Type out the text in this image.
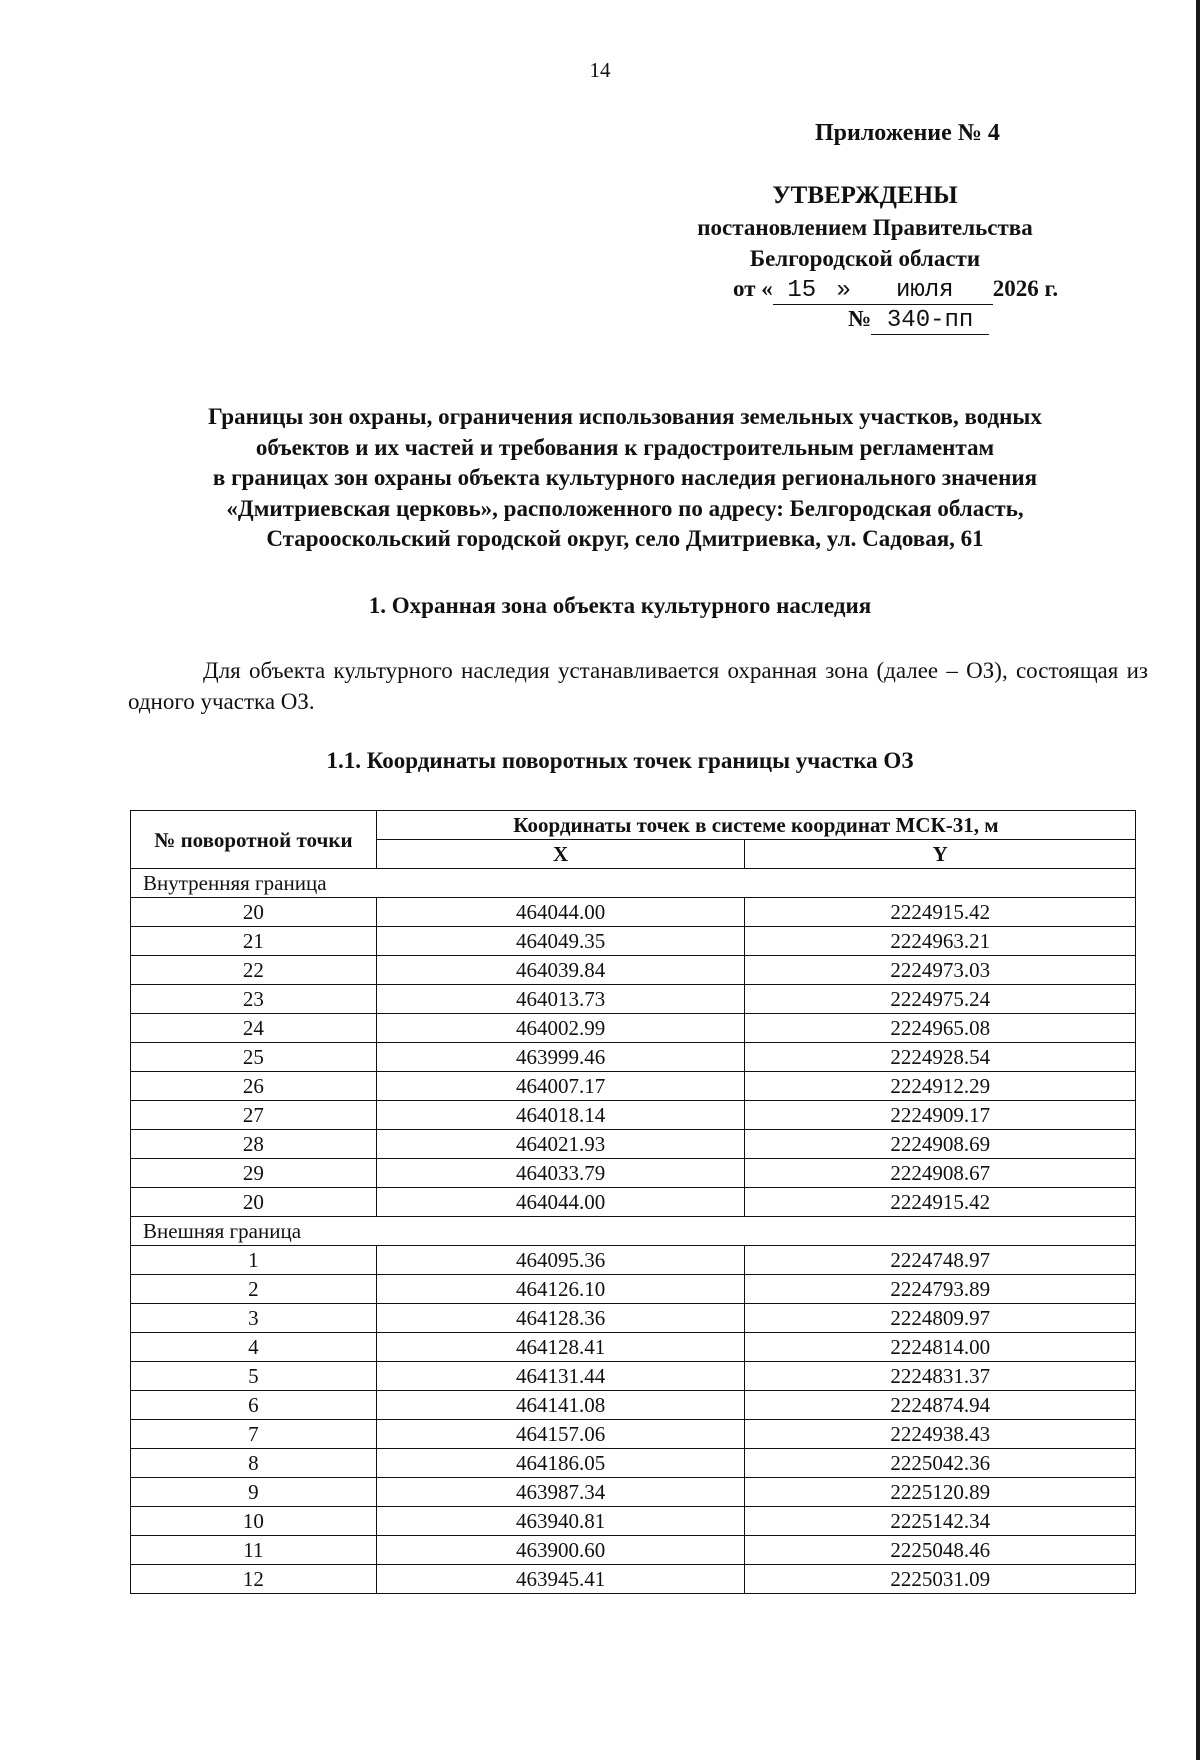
14
Приложение № 4
УТВЕРЖДЕНЫ
постановлением Правительства
Белгородской области
от « 15 » июля 2026 г.
№ 340-пп
Границы зон охраны, ограничения использования земельных участков, водных
объектов и их частей и требования к градостроительным регламентам
в границах зон охраны объекта культурного наследия регионального значения
«Дмитриевская церковь», расположенного по адресу: Белгородская область,
Старооскольский городской округ, село Дмитриевка, ул. Садовая, 61
1. Охранная зона объекта культурного наследия
Для объекта культурного наследия устанавливается охранная зона (далее – ОЗ), состоящая из одного участка ОЗ.
1.1. Координаты поворотных точек границы участка ОЗ
№ поворотной точки	Координаты точек в системе координат МСК-31, м	
	X	Y
Внутренняя граница		
20	464044.00	2224915.42
21	464049.35	2224963.21
22	464039.84	2224973.03
23	464013.73	2224975.24
24	464002.99	2224965.08
25	463999.46	2224928.54
26	464007.17	2224912.29
27	464018.14	2224909.17
28	464021.93	2224908.69
29	464033.79	2224908.67
20	464044.00	2224915.42
Внешняя граница		
1	464095.36	2224748.97
2	464126.10	2224793.89
3	464128.36	2224809.97
4	464128.41	2224814.00
5	464131.44	2224831.37
6	464141.08	2224874.94
7	464157.06	2224938.43
8	464186.05	2225042.36
9	463987.34	2225120.89
10	463940.81	2225142.34
11	463900.60	2225048.46
12	463945.41	2225031.09
